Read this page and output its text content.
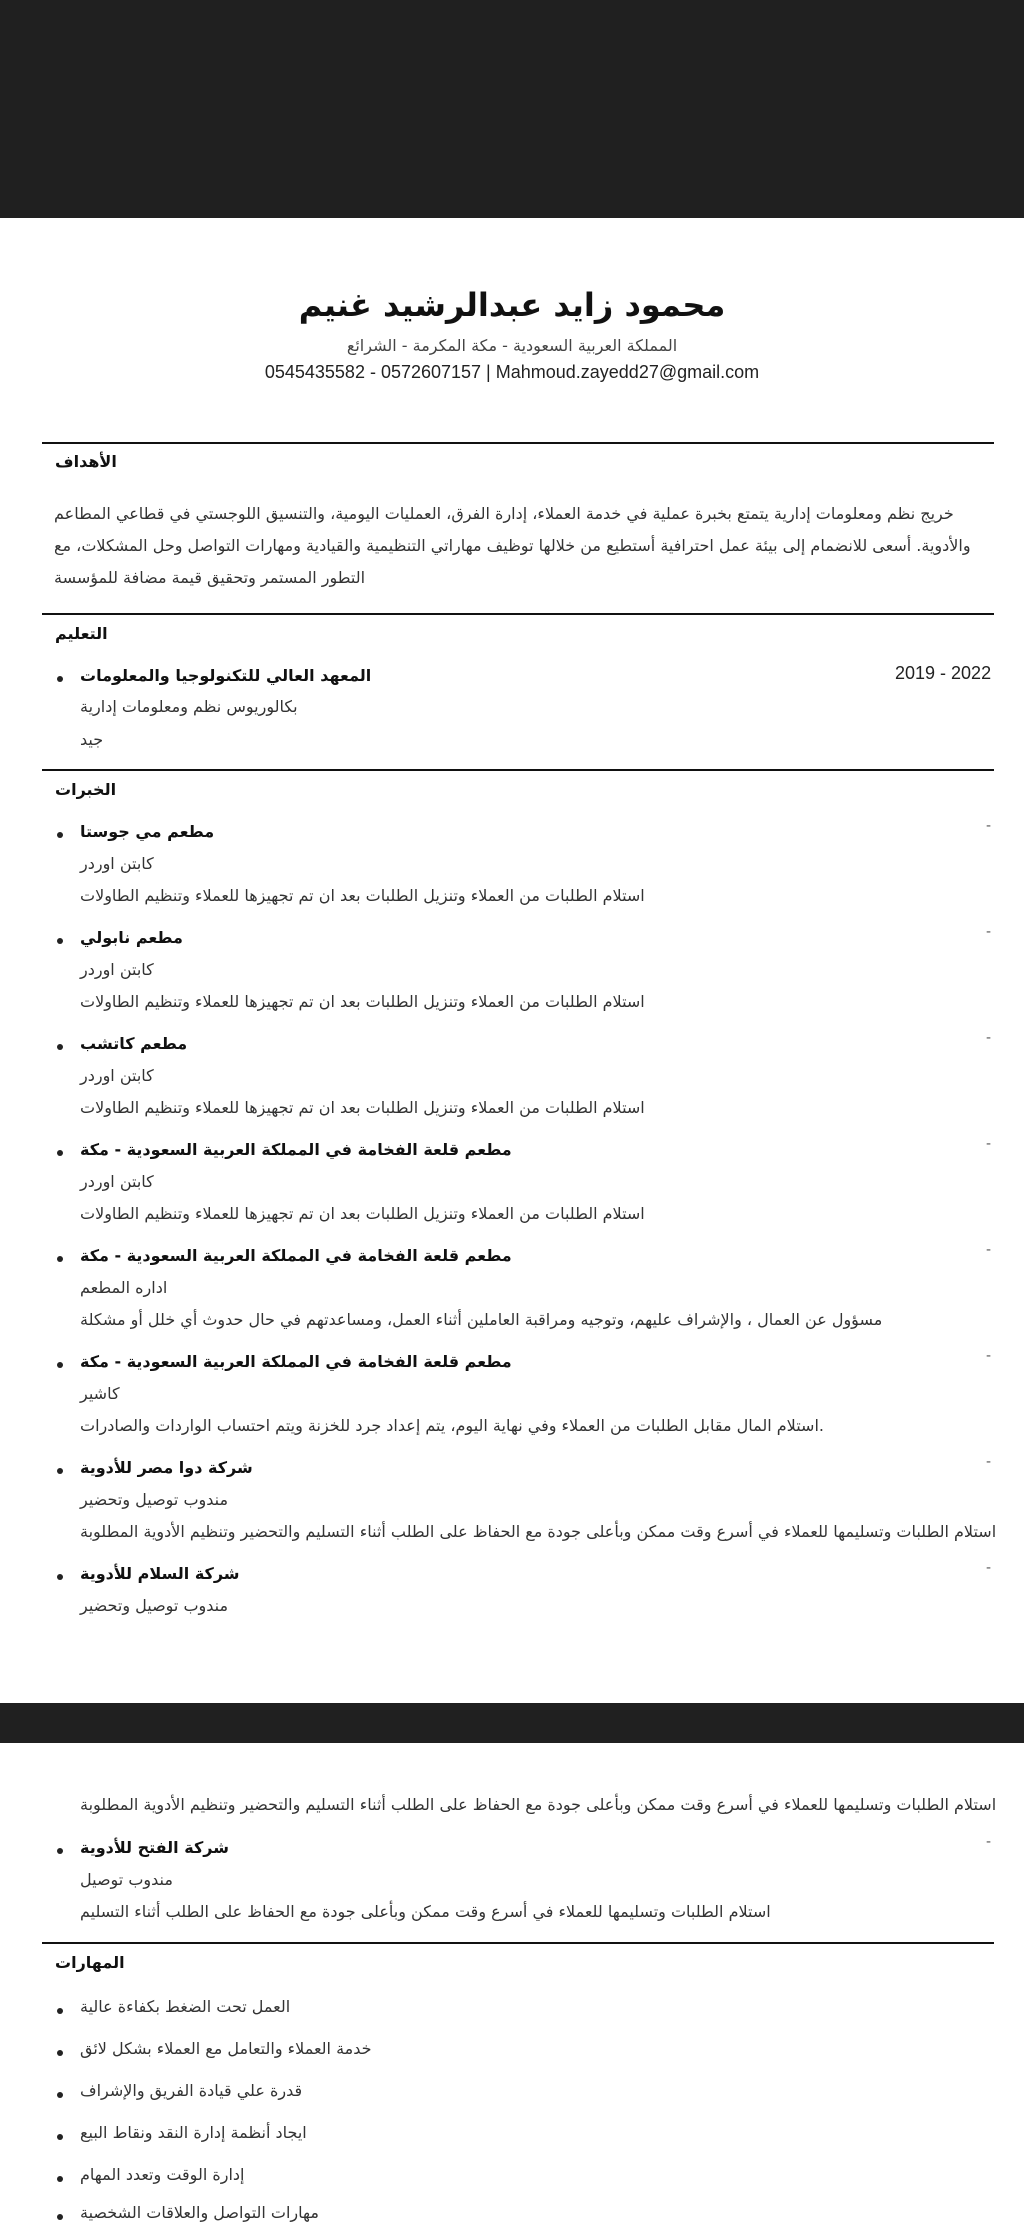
محمود زايد عبدالرشيد غنيم
المملكة العربية السعودية - مكة المكرمة - الشرائع
0545435582 - 0572607157 | Mahmoud.zayedd27@gmail.com
الأهداف
خريج نظم ومعلومات إدارية يتمتع بخبرة عملية في خدمة العملاء، إدارة الفرق، العمليات اليومية، والتنسيق اللوجستي في قطاعي المطاعم
والأدوية. أسعى للانضمام إلى بيئة عمل احترافية أستطيع من خلالها توظيف مهاراتي التنظيمية والقيادية ومهارات التواصل وحل المشكلات، مع
التطور المستمر وتحقيق قيمة مضافة للمؤسسة
التعليم
المعهد العالي للتكنولوجيا والمعلومات
بكالوريوس نظم ومعلومات إدارية
جيد
2019 - 2022
الخبرات
-
مطعم مي جوستا
كابتن اوردر
استلام الطلبات من العملاء وتنزيل الطلبات بعد ان تم تجهيزها للعملاء وتنظيم الطاولات
-
مطعم نابولي
كابتن اوردر
استلام الطلبات من العملاء وتنزيل الطلبات بعد ان تم تجهيزها للعملاء وتنظيم الطاولات
-
مطعم كاتشب
كابتن اوردر
استلام الطلبات من العملاء وتنزيل الطلبات بعد ان تم تجهيزها للعملاء وتنظيم الطاولات
-
مطعم قلعة الفخامة في المملكة العربية السعودية - مكة
كابتن اوردر
استلام الطلبات من العملاء وتنزيل الطلبات بعد ان تم تجهيزها للعملاء وتنظيم الطاولات
-
مطعم قلعة الفخامة في المملكة العربية السعودية - مكة
اداره المطعم
مسؤول عن العمال ، والإشراف عليهم، وتوجيه ومراقبة العاملين أثناء العمل، ومساعدتهم في حال حدوث أي خلل أو مشكلة
-
مطعم قلعة الفخامة في المملكة العربية السعودية - مكة
كاشير
.استلام المال مقابل الطلبات من العملاء وفي نهاية اليوم، يتم إعداد جرد للخزنة ويتم احتساب الواردات والصادرات
-
شركة دوا مصر للأدوية
مندوب توصيل وتحضير
استلام الطلبات وتسليمها للعملاء في أسرع وقت ممكن وبأعلى جودة مع الحفاظ على الطلب أثناء التسليم والتحضير وتنظيم الأدوية المطلوبة
-
شركة السلام للأدوية
مندوب توصيل وتحضير
استلام الطلبات وتسليمها للعملاء في أسرع وقت ممكن وبأعلى جودة مع الحفاظ على الطلب أثناء التسليم والتحضير وتنظيم الأدوية المطلوبة
-
شركة الفتح للأدوية
مندوب توصيل
استلام الطلبات وتسليمها للعملاء في أسرع وقت ممكن وبأعلى جودة مع الحفاظ على الطلب أثناء التسليم
المهارات
العمل تحت الضغط بكفاءة عالية
خدمة العملاء والتعامل مع العملاء بشكل لائق
قدرة علي قيادة الفريق والإشراف
ايجاد أنظمة إدارة النقد ونقاط البيع
إدارة الوقت وتعدد المهام
مهارات التواصل والعلاقات الشخصية
